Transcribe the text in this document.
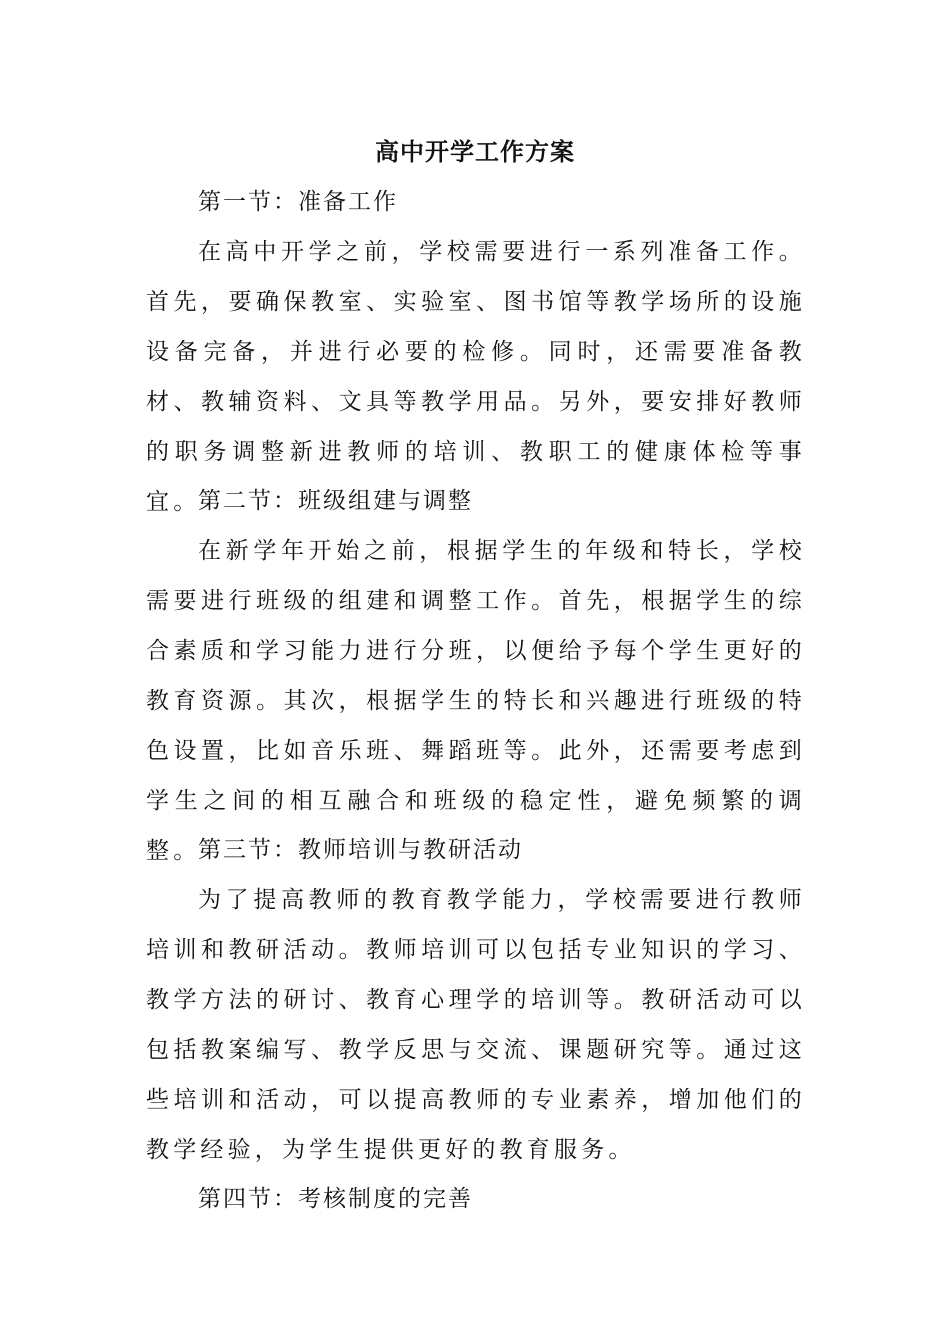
高中开学工作方案
第一节：准备工作

在高中开学之前，学校需要进行一系列准备工作。首先，要确保教室、实验室、图书馆等教学场所的设施设备完备，并进行必要的检修。同时，还需要准备教材、教辅资料、文具等教学用品。另外，要安排好教师的职务调整新进教师的培训、教职工的健康体检等事宜。

第二节：班级组建与调整

在新学年开始之前，根据学生的年级和特长，学校需要进行班级的组建和调整工作。首先，根据学生的综合素质和学习能力进行分班，以便给予每个学生更好的教育资源。其次，根据学生的特长和兴趣进行班级的特色设置，比如音乐班、舞蹈班等。此外，还需要考虑到学生之间的相互融合和班级的稳定性，避免频繁的调整。

第三节：教师培训与教研活动

为了提高教师的教育教学能力，学校需要进行教师培训和教研活动。教师培训可以包括专业知识的学习、教学方法的研讨、教育心理学的培训等。教研活动可以包括教案编写、教学反思与交流、课题研究等。通过这些培训和活动，可以提高教师的专业素养，增加他们的教学经验，为学生提供更好的教育服务。

第四节：考核制度的完善
